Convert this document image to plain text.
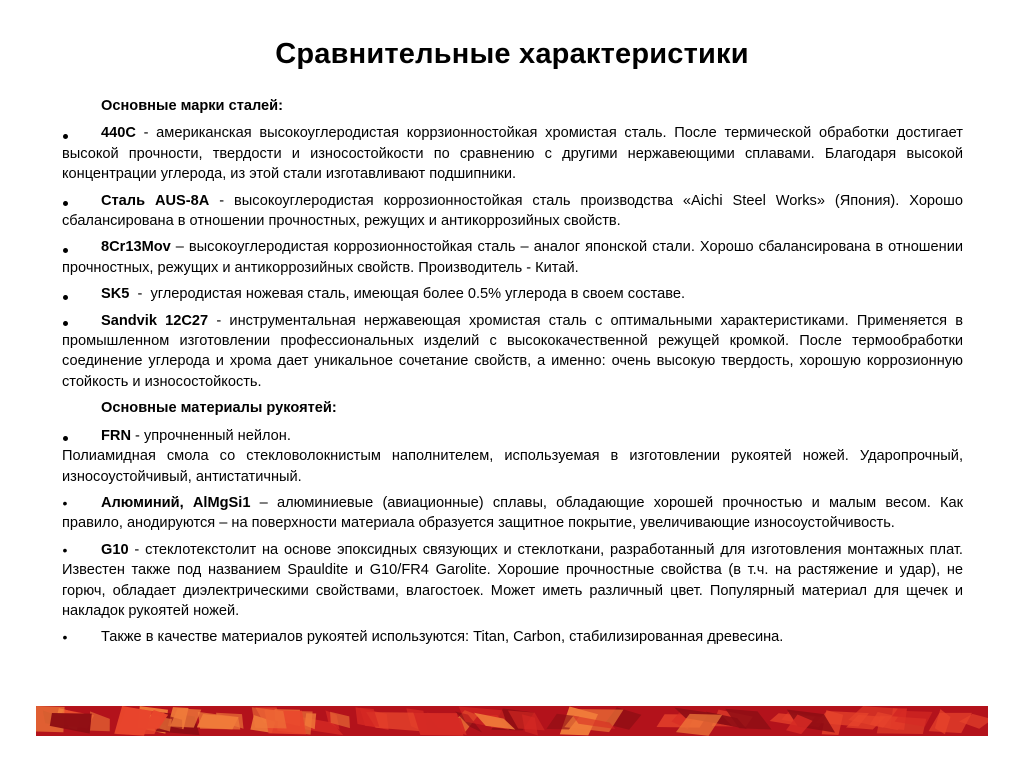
Сравнительные характеристики
Основные марки сталей:
440C - американская высокоуглеродистая коррзионностойкая хромистая сталь. После термической обработки достигает высокой прочности, твердости и износостойкости по сравнению с другими нержавеющими сплавами. Благодаря высокой концентрации углерода, из этой стали изготавливают подшипники.
Сталь AUS-8A - высокоуглеродистая коррозионностойкая сталь производства «Aichi Steel Works» (Япония). Хорошо сбалансирована в отношении прочностных, режущих и антикоррозийных свойств.
8Cr13Mov – высокоуглеродистая коррозионностойкая сталь – аналог японской стали. Хорошо сбалансирована в отношении прочностных, режущих и антикоррозийных свойств. Производитель - Китай.
SK5  -  углеродистая ножевая сталь, имеющая более 0.5% углерода в своем составе.
Sandvik 12C27 - инструментальная нержавеющая хромистая сталь с оптимальными характеристиками. Применяется в промышленном изготовлении профессиональных изделий с высококачественной режущей кромкой. После термообработки соединение углерода и хрома дает уникальное сочетание свойств, а именно: очень высокую твердость, хорошую коррозионную стойкость и износостойкость.
Основные материалы рукоятей:
FRN - упрочненный нейлон.
Полиамидная смола со стекловолокнистым наполнителем, используемая в изготовлении рукоятей ножей. Ударопрочный, износоустойчивый, антистатичный.
•	Алюминий, AlMgSi1 – алюминиевые (авиационные) сплавы, обладающие хорошей прочностью и малым весом. Как правило, анодируются – на поверхности материала образуется защитное покрытие, увеличивающие износоустойчивость.
•	G10 - стеклотекстолит на основе эпоксидных связующих и стеклоткани, разработанный для изготовления монтажных плат. Известен также под названием Spauldite и G10/FR4 Garolite. Хорошие прочностные свойства (в т.ч. на растяжение и удар), не горюч, обладает диэлектрическими свойствами, влагостоек. Может иметь различный цвет. Популярный материал для щечек и накладок рукоятей ножей.
•	Также в качестве материалов рукоятей используются: Titan, Carbon, стабилизированная древесина.
